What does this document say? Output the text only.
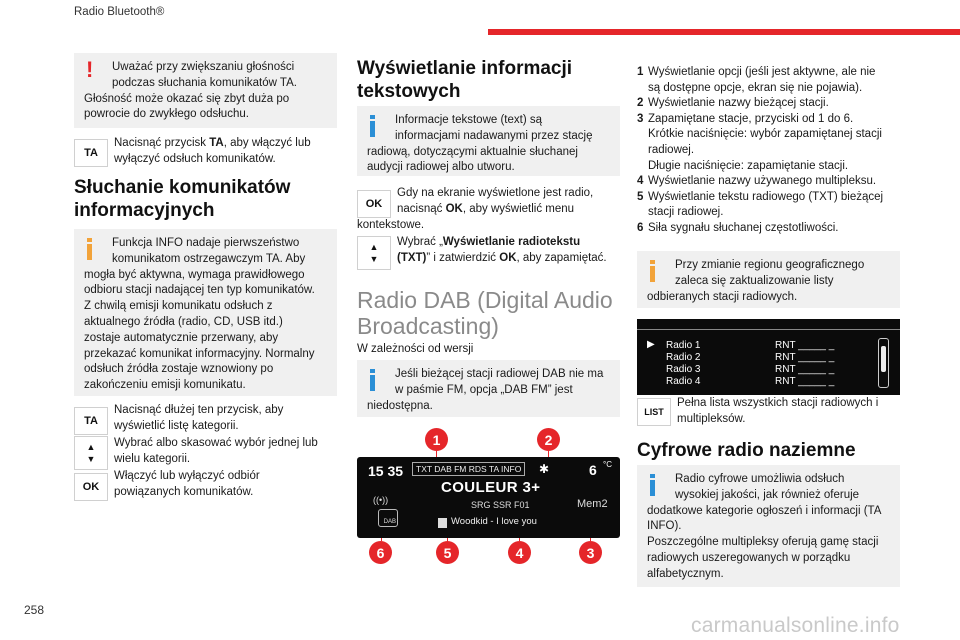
Radio Bluetooth®
!	Uważać przy zwiększaniu głośności
podczas słuchania komunikatów TA.
Głośność może okazać się zbyt duża po
powrocie do zwykłego odsłuchu.
TA
Nacisnąć przycisk TA, aby włączyć lub
wyłączyć odsłuch komunikatów.
Słuchanie komunikatów
informacyjnych
Funkcja INFO nadaje pierwszeństwo
komunikatom ostrzegawczym TA. Aby
mogła być aktywna, wymaga prawidłowego
odbioru stacji nadającej ten typ komunikatów.
Z chwilą emisji komunikatu odsłuch z
aktualnego źródła (radio, CD, USB itd.)
zostaje automatycznie przerwany, aby
przekazać komunikat informacyjny. Normalny
odsłuch źródła zostaje wznowiony po
zakończeniu emisji komunikatu.
TA
Nacisnąć dłużej ten przycisk, aby
wyświetlić listę kategorii.
▲
▼
Wybrać albo skasować wybór jednej lub
wielu kategorii.
OK
Włączyć lub wyłączyć odbiór
powiązanych komunikatów.
258
Wyświetlanie informacji
tekstowych
Informacje tekstowe (text) są
informacjami nadawanymi przez stację
radiową, dotyczącymi aktualnie słuchanej
audycji radiowej albo utworu.
OK
Gdy na ekranie wyświetlone jest radio,
nacisnąć OK, aby wyświetlić menu
kontekstowe.
▲
▼
Wybrać „Wyświetlanie radiotekstu
(TXT)” i zatwierdzić OK, aby zapamiętać.
Radio DAB (Digital Audio
Broadcasting)
W zależności od wersji
Jeśli bieżącej stacji radiowej DAB nie ma
w paśmie FM, opcja „DAB FM” jest
niedostępna.
1	2
15 35	TXT DAB FM RDS TA INFO	✱	6 °C
COULEUR 3+
((•))
DAB
SRG SSR F01	Mem2
Woodkid - I love you
6	5	4	3
1 Wyświetlanie opcji (jeśli jest aktywne, ale nie
są dostępne opcje, ekran się nie pojawia).
2 Wyświetlanie nazwy bieżącej stacji.
3 Zapamiętane stacje, przyciski od 1 do 6.
Krótkie naciśnięcie: wybór zapamiętanej stacji
radiowej.
Długie naciśnięcie: zapamiętanie stacji.
4 Wyświetlanie nazwy używanego multipleksu.
5 Wyświetlanie tekstu radiowego (TXT) bieżącej
stacji radiowej.
6 Siła sygnału słuchanej częstotliwości.
Przy zmianie regionu geograficznego
zaleca się zaktualizowanie listy
odbieranych stacji radiowych.
▶ Radio 1	RNT _____ _
Radio 2	RNT _____ _
Radio 3	RNT _____ _
Radio 4	RNT _____ _
LIST
Pełna lista wszystkich stacji radiowych i
multipleksów.
Cyfrowe radio naziemne
Radio cyfrowe umożliwia odsłuch
wysokiej jakości, jak również oferuje
dodatkowe kategorie ogłoszeń i informacji (TA
INFO).
Poszczególne multipleksy oferują gamę stacji
radiowych uszeregowanych w porządku
alfabetycznym.
carmanualsonline.info
